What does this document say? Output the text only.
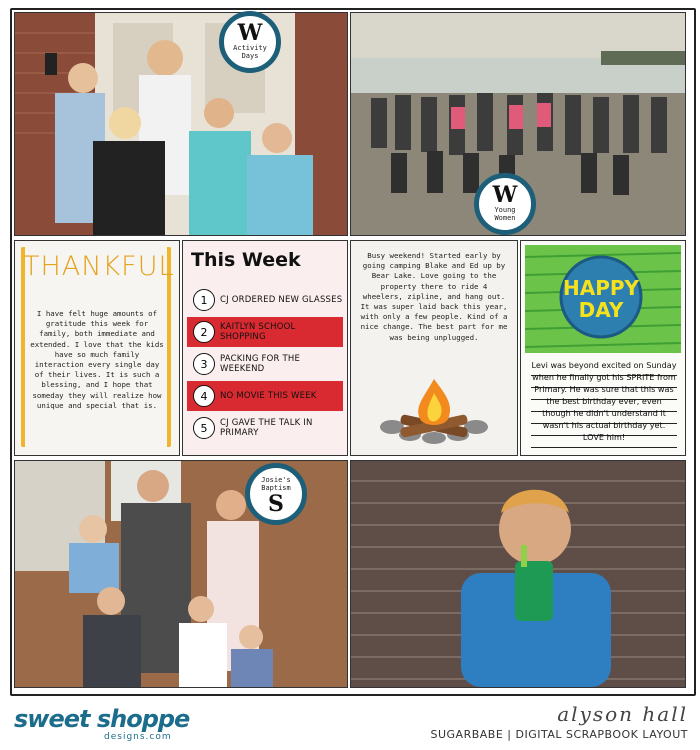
THANKFUL
I have felt huge amounts of gratitude this week for family, both immediate and extended. I love that the kids have so much family interaction every single day of their lives. It is such a blessing, and I hope that someday they will realize how unique and special that is.
This Week
1	CJ ORDERED NEW GLASSES
2	KAITLYN SCHOOL SHOPPING
3	PACKING FOR THE WEEKEND
4	NO MOVIE THIS WEEK
5	CJ GAVE THE TALK IN PRIMARY
Busy weekend! Started early by going camping Blake and Ed up by Bear Lake. Love going to the property there to ride 4 wheelers, zipline, and hang out. It was super laid back this year, with only a few people. Kind of a nice change. The best part for me was being unplugged.
HAPPY
DAY
Levi was beyond excited on Sunday when he finally got his SPRITE from Primary. He was sure that this was the best birthday ever, even though he didn't understand it wasn't his actual birthday yet. LOVE him!
W
Activity
Days
W
Young
Women
Josie's
Baptism
S
sweet shoppe
designs.com
alyson hall
SUGARBABE | DIGITAL SCRAPBOOK LAYOUT
